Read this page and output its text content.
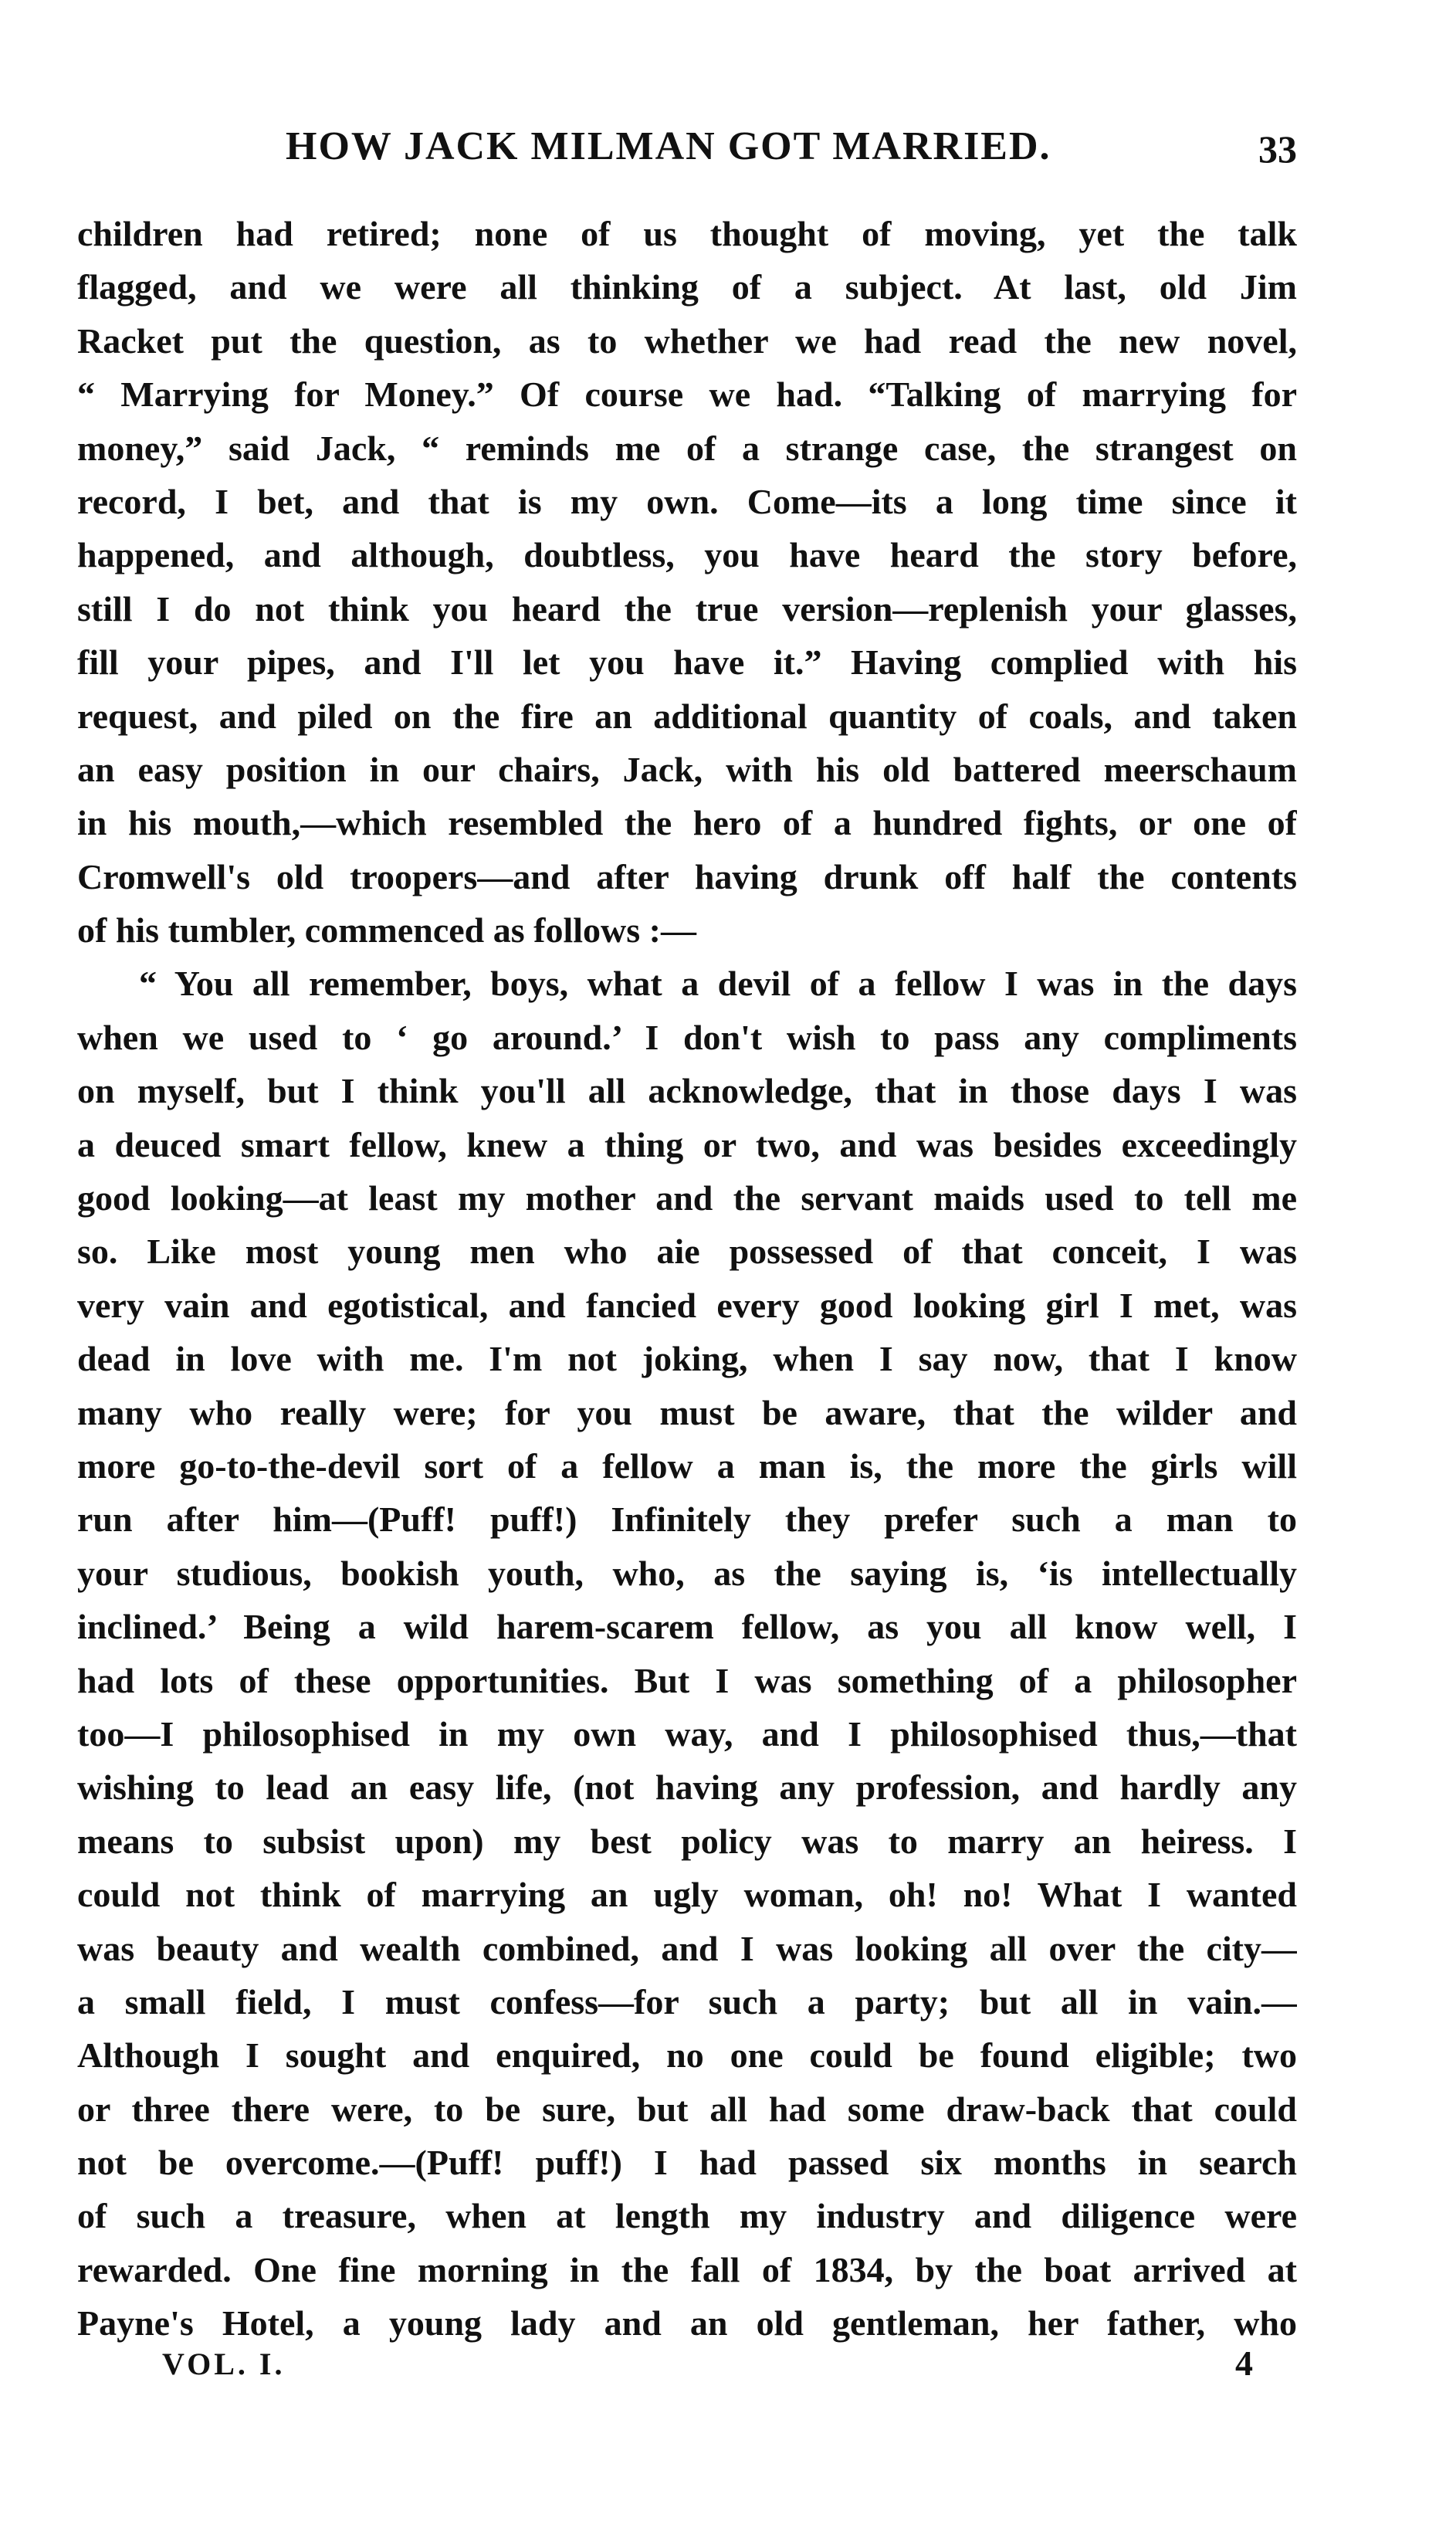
HOW JACK MILMAN GOT MARRIED.	33
children had retired; none of us thought of moving, yet the talk
flagged, and we were all thinking of a subject. At last, old Jim
Racket put the question, as to whether we had read the new novel,
“ Marrying for Money.” Of course we had. “Talking of marrying for
money,” said Jack, “ reminds me of a strange case, the strangest on
record, I bet, and that is my own. Come—its a long time since it
happened, and although, doubtless, you have heard the story before,
still I do not think you heard the true version—replenish your glasses,
fill your pipes, and I'll let you have it.” Having complied with his
request, and piled on the fire an additional quantity of coals, and taken
an easy position in our chairs, Jack, with his old battered meerschaum
in his mouth,—which resembled the hero of a hundred fights, or one of
Cromwell's old troopers—and after having drunk off half the contents
of his tumbler, commenced as follows :—
“ You all remember, boys, what a devil of a fellow I was in the days
when we used to ‘ go around.’ I don't wish to pass any compliments
on myself, but I think you'll all acknowledge, that in those days I was
a deuced smart fellow, knew a thing or two, and was besides exceedingly
good looking—at least my mother and the servant maids used to tell me
so. Like most young men who aie possessed of that conceit, I was
very vain and egotistical, and fancied every good looking girl I met, was
dead in love with me. I'm not joking, when I say now, that I know
many who really were; for you must be aware, that the wilder and
more go-to-the-devil sort of a fellow a man is, the more the girls will
run after him—(Puff! puff!) Infinitely they prefer such a man to
your studious, bookish youth, who, as the saying is, ‘is intellectually
inclined.’ Being a wild harem-scarem fellow, as you all know well, I
had lots of these opportunities. But I was something of a philosopher
too—I philosophised in my own way, and I philosophised thus,—that
wishing to lead an easy life, (not having any profession, and hardly any
means to subsist upon) my best policy was to marry an heiress. I
could not think of marrying an ugly woman, oh! no! What I wanted
was beauty and wealth combined, and I was looking all over the city—
a small field, I must confess—for such a party; but all in vain.—
Although I sought and enquired, no one could be found eligible; two
or three there were, to be sure, but all had some draw-back that could
not be overcome.—(Puff! puff!) I had passed six months in search
of such a treasure, when at length my industry and diligence were
rewarded. One fine morning in the fall of 1834, by the boat arrived at
Payne's Hotel, a young lady and an old gentleman, her father, who
VOL. I.	4
